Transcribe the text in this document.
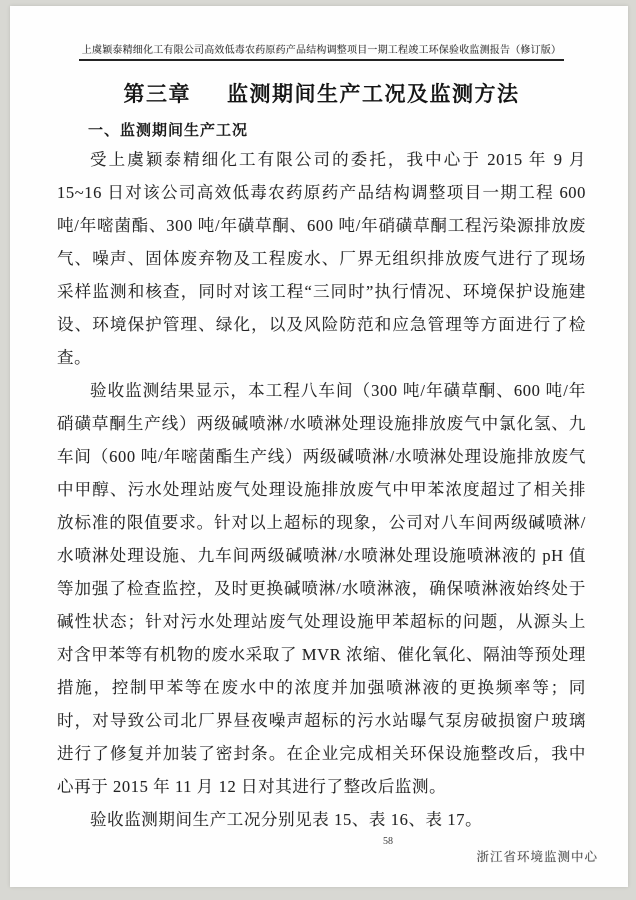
上虞颖泰精细化工有限公司高效低毒农药原药产品结构调整项目一期工程竣工环保验收监测报告（修订版）
第三章 监测期间生产工况及监测方法
一、监测期间生产工况

受上虞颖泰精细化工有限公司的委托，我中心于 2015 年 9 月 15~16 日对该公司高效低毒农药原药产品结构调整项目一期工程 600 吨/年嘧菌酯、300 吨/年磺草酮、600 吨/年硝磺草酮工程污染源排放废气、噪声、固体废弃物及工程废水、厂界无组织排放废气进行了现场采样监测和核查，同时对该工程“三同时”执行情况、环境保护设施建设、环境保护管理、绿化，以及风险防范和应急管理等方面进行了检查。

验收监测结果显示，本工程八车间（300 吨/年磺草酮、600 吨/年硝磺草酮生产线）两级碱喷淋/水喷淋处理设施排放废气中氯化氢、九车间（600 吨/年嘧菌酯生产线）两级碱喷淋/水喷淋处理设施排放废气中甲醇、污水处理站废气处理设施排放废气中甲苯浓度超过了相关排放标准的限值要求。针对以上超标的现象，公司对八车间两级碱喷淋/水喷淋处理设施、九车间两级碱喷淋/水喷淋处理设施喷淋液的 pH 值等加强了检查监控，及时更换碱喷淋/水喷淋液，确保喷淋液始终处于碱性状态；针对污水处理站废气处理设施甲苯超标的问题，从源头上对含甲苯等有机物的废水采取了 MVR 浓缩、催化氧化、隔油等预处理措施，控制甲苯等在废水中的浓度并加强喷淋液的更换频率等；同时，对导致公司北厂界昼夜噪声超标的污水站曝气泵房破损窗户玻璃进行了修复并加装了密封条。在企业完成相关环保设施整改后，我中心再于 2015 年 11 月 12 日对其进行了整改后监测。

验收监测期间生产工况分别见表 15、表 16、表 17。

58
浙江省环境监测中心
